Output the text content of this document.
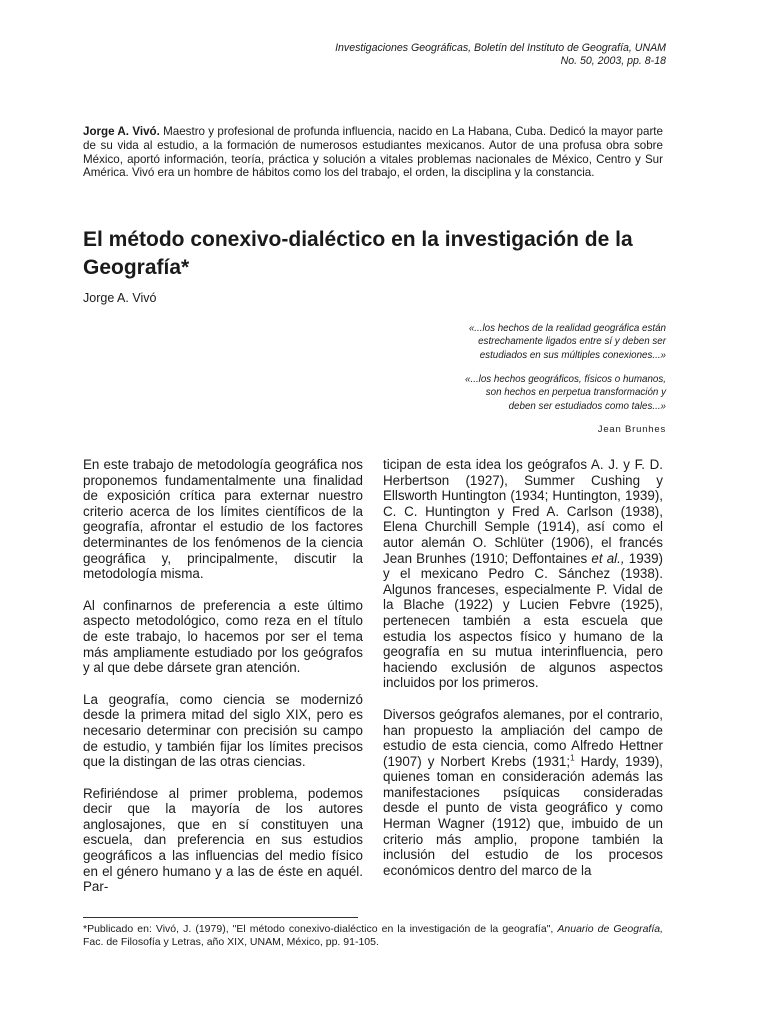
Investigaciones Geográficas, Boletín del Instituto de Geografía, UNAM
No. 50, 2003, pp. 8-18
Jorge A. Vivó. Maestro y profesional de profunda influencia, nacido en La Habana, Cuba. Dedicó la mayor parte de su vida al estudio, a la formación de numerosos estudiantes mexicanos. Autor de una profusa obra sobre México, aportó información, teoría, práctica y solución a vitales problemas nacionales de México, Centro y Sur América. Vivó era un hombre de hábitos como los del trabajo, el orden, la disciplina y la constancia.
El método conexivo-dialéctico en la investigación de la Geografía*
Jorge A. Vivó
«...los hechos de la realidad geográfica están
estrechamente ligados entre sí y deben ser
estudiados en sus múltiples conexiones...»
«...los hechos geográficos, físicos o humanos,
son hechos en perpetua transformación y
deben ser estudiados como tales...»
Jean Brunhes

En este trabajo de metodología geográfica nos proponemos fundamentalmente una finalidad de exposición crítica para externar nuestro criterio acerca de los límites científicos de la geografía, afrontar el estudio de los factores determinantes de los fenómenos de la ciencia geográfica y, principalmente, discutir la metodología misma.

Al confinarnos de preferencia a este último aspecto metodológico, como reza en el título de este trabajo, lo hacemos por ser el tema más ampliamente estudiado por los geógrafos y al que debe dársete gran atención.

La geografía, como ciencia se modernizó desde la primera mitad del siglo XIX, pero es necesario determinar con precisión su campo de estudio, y también fijar los límites precisos que la distingan de las otras ciencias.

Refiriéndose al primer problema, podemos decir que la mayoría de los autores anglosajones, que en sí constituyen una escuela, dan preferencia en sus estudios geográficos a las influencias del medio físico en el género humano y a las de éste en aquél. Par-

ticipan de esta idea los geógrafos A. J. y F. D. Herbertson (1927), Summer Cushing y Ellsworth Huntington (1934; Huntington, 1939), C. C. Huntington y Fred A. Carlson (1938), Elena Churchill Semple (1914), así como el autor alemán O. Schlüter (1906), el francés Jean Brunhes (1910; Deffontaines et al., 1939) y el mexicano Pedro C. Sánchez (1938). Algunos franceses, especialmente P. Vidal de la Blache (1922) y Lucien Febvre (1925), pertenecen también a esta escuela que estudia los aspectos físico y humano de la geografía en su mutua interinfluencia, pero haciendo exclusión de algunos aspectos incluidos por los primeros.

Diversos geógrafos alemanes, por el contrario, han propuesto la ampliación del campo de estudio de esta ciencia, como Alfredo Hettner (1907) y Norbert Krebs (1931;$^1$ Hardy, 1939), quienes toman en consideración además las manifestaciones psíquicas consideradas desde el punto de vista geográfico y como Herman Wagner (1912) que, imbuido de un criterio más amplio, propone también la inclusión del estudio de los procesos económicos dentro del marco de la

*Publicado en: Vivó, J. (1979), "El método conexivo-dialéctico en la investigación de la geografía", Anuario de Geografía, Fac. de Filosofía y Letras, año XIX, UNAM, México, pp. 91-105.
